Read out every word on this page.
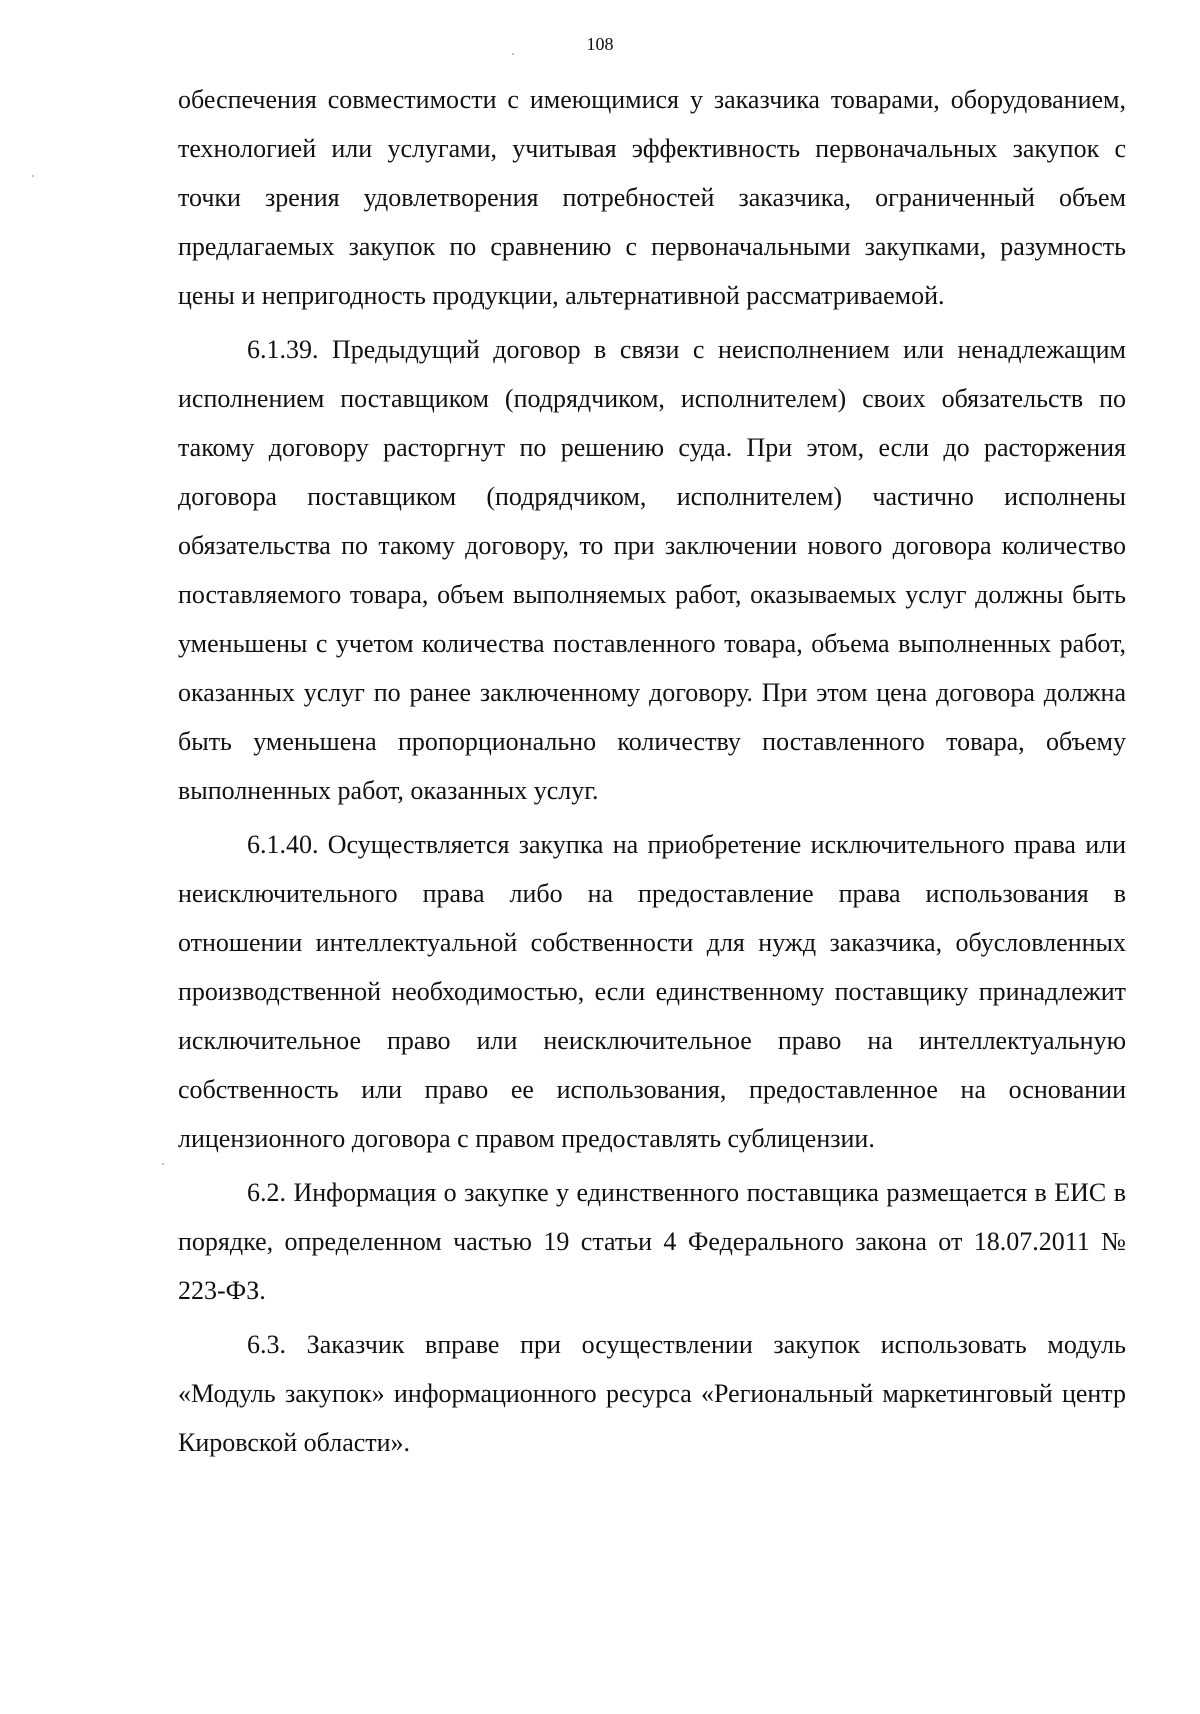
108

обеспечения совместимости с имеющимися у заказчика товарами, оборудованием, технологией или услугами, учитывая эффективность первоначальных закупок с точки зрения удовлетворения потребностей заказчика, ограниченный объем предлагаемых закупок по сравнению с первоначальными закупками, разумность цены и непригодность продукции, альтернативной рассматриваемой.

6.1.39. Предыдущий договор в связи с неисполнением или ненадлежащим исполнением поставщиком (подрядчиком, исполнителем) своих обязательств по такому договору расторгнут по решению суда. При этом, если до расторжения договора поставщиком (подрядчиком, исполнителем) частично исполнены обязательства по такому договору, то при заключении нового договора количество поставляемого товара, объем выполняемых работ, оказываемых услуг должны быть уменьшены с учетом количества поставленного товара, объема выполненных работ, оказанных услуг по ранее заключенному договору. При этом цена договора должна быть уменьшена пропорционально количеству поставленного товара, объему выполненных работ, оказанных услуг.

6.1.40. Осуществляется закупка на приобретение исключительного права или неисключительного права либо на предоставление права использования в отношении интеллектуальной собственности для нужд заказчика, обусловленных производственной необходимостью, если единственному поставщику принадлежит исключительное право или неисключительное право на интеллектуальную собственность или право ее использования, предоставленное на основании лицензионного договора с правом предоставлять сублицензии.

6.2. Информация о закупке у единственного поставщика размещается в ЕИС в порядке, определенном частью 19 статьи 4 Федерального закона от 18.07.2011 № 223-ФЗ.

6.3. Заказчик вправе при осуществлении закупок использовать модуль «Модуль закупок» информационного ресурса «Региональный маркетинговый центр Кировской области».
